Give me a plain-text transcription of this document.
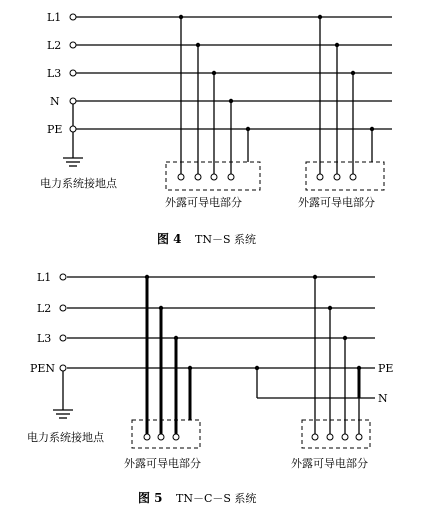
L1
L2
L3
N
PE
电力系统接地点
外露可导电部分	外露可导电部分
图 4 TN－S 系统
L1
L2
L3
PEN	PE
N
电力系统接地点
外露可导电部分	外露可导电部分
图 5 TN－C－S 系统
